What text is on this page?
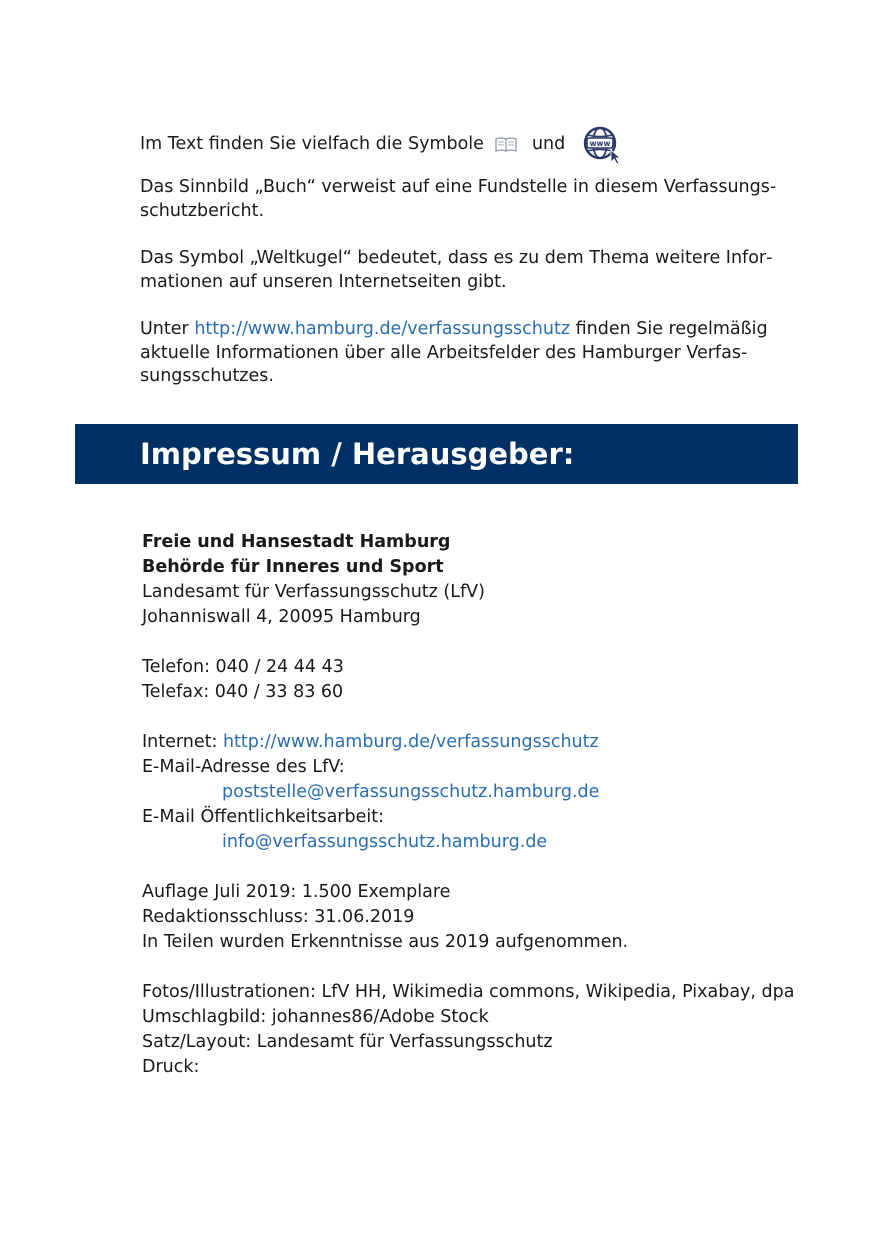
Im Text finden Sie vielfach die Symbole	und	www

Das Sinnbild „Buch“ verweist auf eine Fundstelle in diesem Verfassungsschutzbericht.

Das Symbol „Weltkugel“ bedeutet, dass es zu dem Thema weitere Informationen auf unseren Internetseiten gibt.

Unter http://www.hamburg.de/verfassungsschutz finden Sie regelmäßig aktuelle Informationen über alle Arbeitsfelder des Hamburger Verfassungsschutzes.

Impressum / Herausgeber:
Freie und Hansestadt Hamburg
Behörde für Inneres und Sport
Landesamt für Verfassungsschutz (LfV)
Johanniswall 4, 20095 Hamburg
Telefon: 040 / 24 44 43
Telefax: 040 / 33 83 60
Internet: http://www.hamburg.de/verfassungsschutz
E-Mail-Adresse des LfV:
poststelle@verfassungsschutz.hamburg.de
E-Mail Öffentlichkeitsarbeit:
info@verfassungsschutz.hamburg.de
Auflage Juli 2019: 1.500 Exemplare
Redaktionsschluss: 31.06.2019
In Teilen wurden Erkenntnisse aus 2019 aufgenommen.
Fotos/Illustrationen: LfV HH, Wikimedia commons, Wikipedia, Pixabay, dpa
Umschlagbild: johannes86/Adobe Stock
Satz/Layout: Landesamt für Verfassungsschutz
Druck:
